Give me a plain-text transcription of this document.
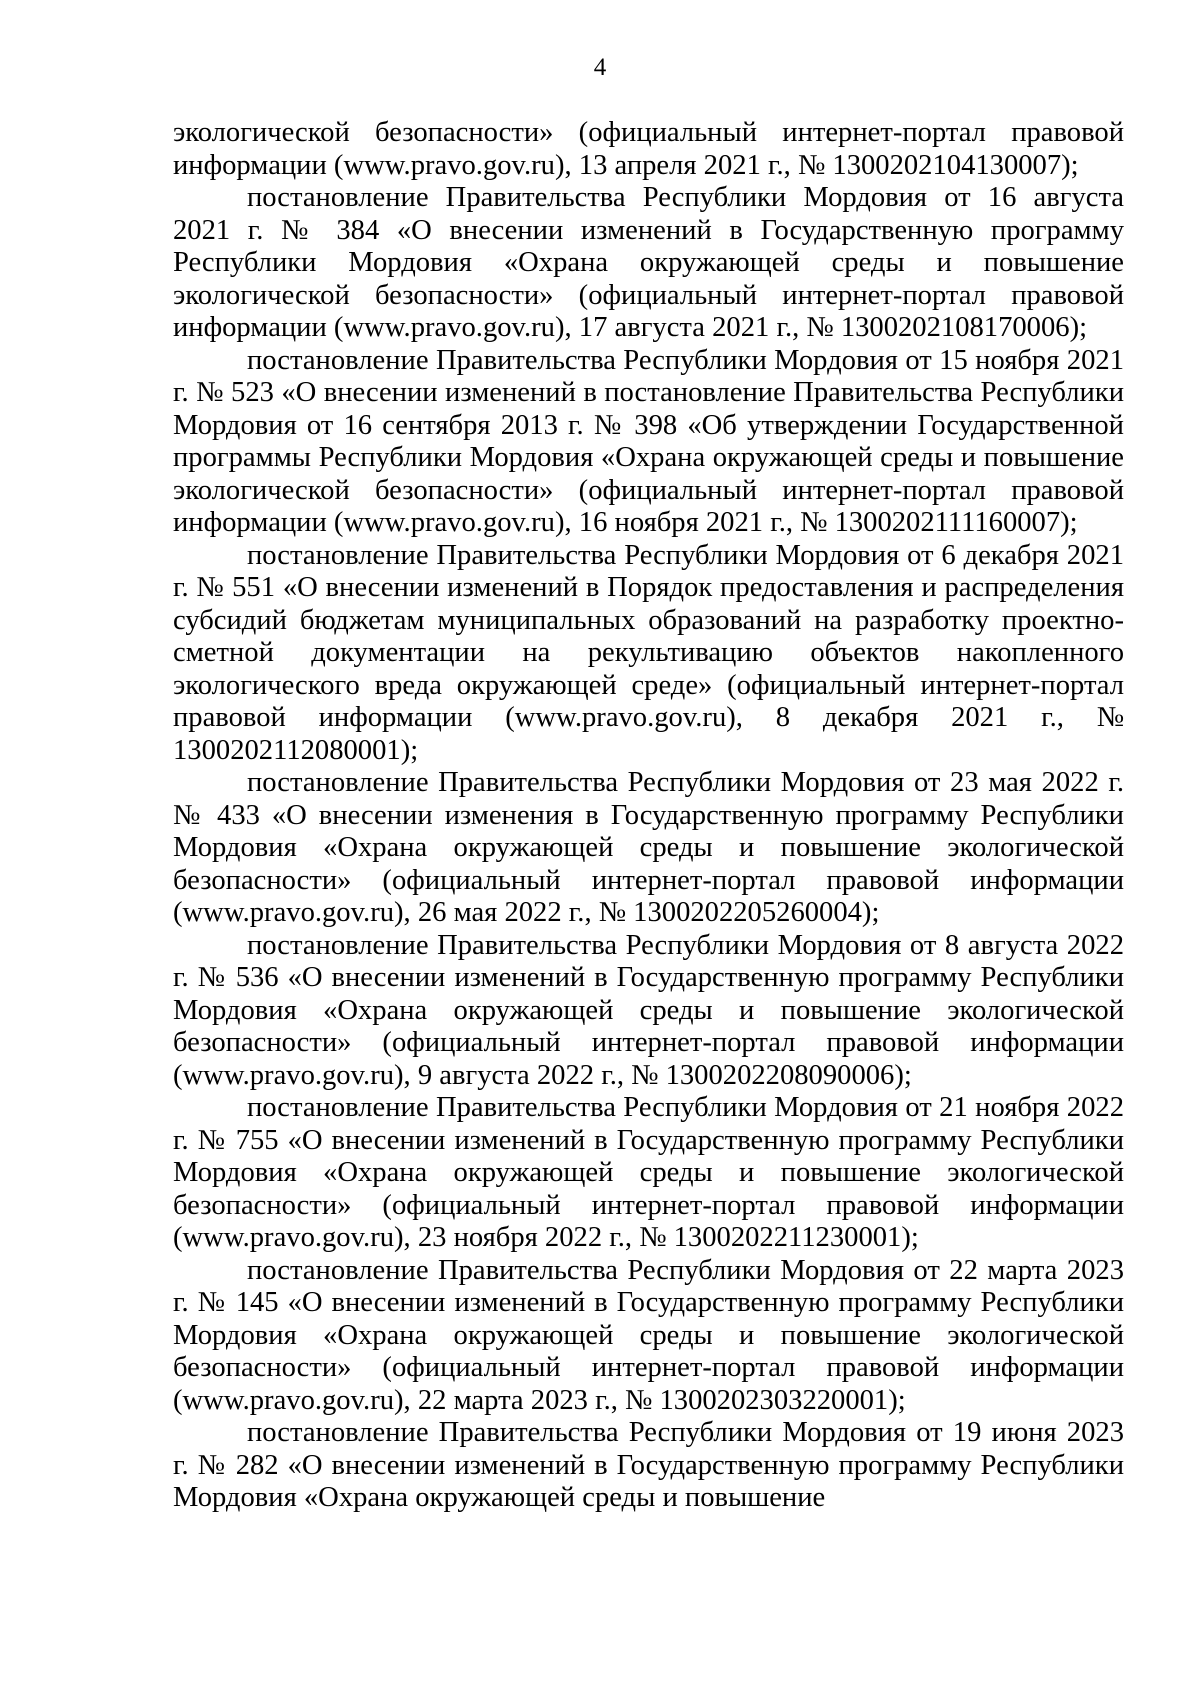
4

экологической безопасности» (официальный интернет-портал правовой информации (www.pravo.gov.ru), 13 апреля 2021 г., № 1300202104130007);

постановление Правительства Республики Мордовия от 16 августа 2021 г. № 384 «О внесении изменений в Государственную программу Республики Мордовия «Охрана окружающей среды и повышение экологической безопасности» (официальный интернет-портал правовой информации (www.pravo.gov.ru), 17 августа 2021 г., № 1300202108170006);

постановление Правительства Республики Мордовия от 15 ноября 2021 г. № 523 «О внесении изменений в постановление Правительства Республики Мордовия от 16 сентября 2013 г. № 398 «Об утверждении Государственной программы Республики Мордовия «Охрана окружающей среды и повышение экологической безопасности» (официальный интернет-портал правовой информации (www.pravo.gov.ru), 16 ноября 2021 г., № 1300202111160007);

постановление Правительства Республики Мордовия от 6 декабря 2021 г. № 551 «О внесении изменений в Порядок предоставления и распределения субсидий бюджетам муниципальных образований на разработку проектно-сметной документации на рекультивацию объектов накопленного экологического вреда окружающей среде» (официальный интернет-портал правовой информации (www.pravo.gov.ru), 8 декабря 2021 г., № 1300202112080001);

постановление Правительства Республики Мордовия от 23 мая 2022 г. № 433 «О внесении изменения в Государственную программу Республики Мордовия «Охрана окружающей среды и повышение экологической безопасности» (официальный интернет-портал правовой информации (www.pravo.gov.ru), 26 мая 2022 г., № 1300202205260004);

постановление Правительства Республики Мордовия от 8 августа 2022 г. № 536 «О внесении изменений в Государственную программу Республики Мордовия «Охрана окружающей среды и повышение экологической безопасности» (официальный интернет-портал правовой информации (www.pravo.gov.ru), 9 августа 2022 г., № 1300202208090006);

постановление Правительства Республики Мордовия от 21 ноября 2022 г. № 755 «О внесении изменений в Государственную программу Республики Мордовия «Охрана окружающей среды и повышение экологической безопасности» (официальный интернет-портал правовой информации (www.pravo.gov.ru), 23 ноября 2022 г., № 1300202211230001);

постановление Правительства Республики Мордовия от 22 марта 2023 г. № 145 «О внесении изменений в Государственную программу Республики Мордовия «Охрана окружающей среды и повышение экологической безопасности» (официальный интернет-портал правовой информации (www.pravo.gov.ru), 22 марта 2023 г., № 1300202303220001);

постановление Правительства Республики Мордовия от 19 июня 2023 г. № 282 «О внесении изменений в Государственную программу Республики Мордовия «Охрана окружающей среды и повышение
